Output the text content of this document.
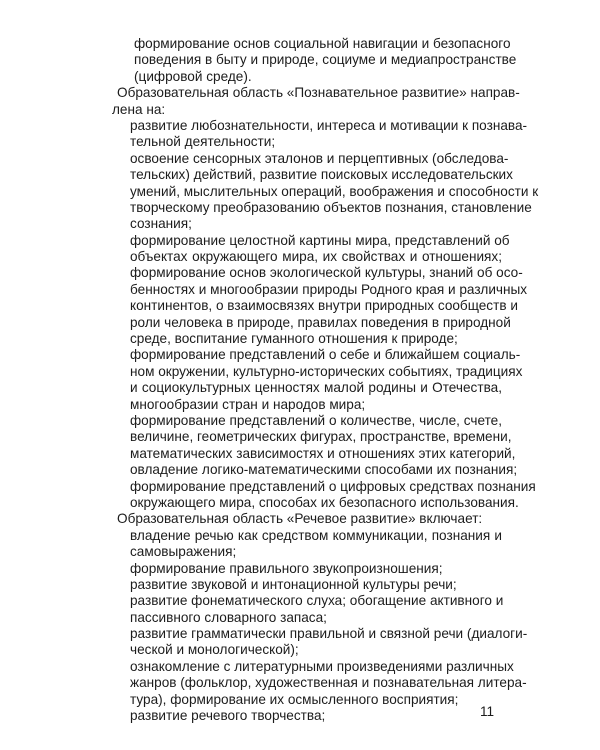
формирование основ социальной навигации и безопасного
поведения в быту и природе, социуме и медиапространстве
(цифровой среде).
Образовательная область «Познавательное развитие» направ-
лена на:
развитие любознательности, интереса и мотивации к познава-
тельной деятельности;
освоение сенсорных эталонов и перцептивных (обследова-
тельских) действий, развитие поисковых исследовательских
умений, мыслительных операций, воображения и способности к
творческому преобразованию объектов познания, становление
сознания;
формирование целостной картины мира, представлений об
объектах окружающего мира, их свойствах и отношениях;
формирование основ экологической культуры, знаний об осо-
бенностях и многообразии природы Родного края и различных
континентов, о взаимосвязях внутри природных сообществ и
роли человека в природе, правилах поведения в природной
среде, воспитание гуманного отношения к природе;
формирование представлений о себе и ближайшем социаль-
ном окружении, культурно-исторических событиях, традициях
и социокультурных ценностях малой родины и Отечества,
многообразии стран и народов мира;
формирование представлений о количестве, числе, счете,
величине, геометрических фигурах, пространстве, времени,
математических зависимостях и отношениях этих категорий,
овладение логико-математическими способами их познания;
формирование представлений о цифровых средствах познания
окружающего мира, способах их безопасного использования.
Образовательная область «Речевое развитие» включает:
владение речью как средством коммуникации, познания и
самовыражения;
формирование правильного звукопроизношения;
развитие звуковой и интонационной культуры речи;
развитие фонематического слуха; обогащение активного и
пассивного словарного запаса;
развитие грамматически правильной и связной речи (диалоги-
ческой и монологической);
ознакомление с литературными произведениями различных
жанров (фольклор, художественная и познавательная литера-
тура), формирование их осмысленного восприятия;
развитие речевого творчества;	11
